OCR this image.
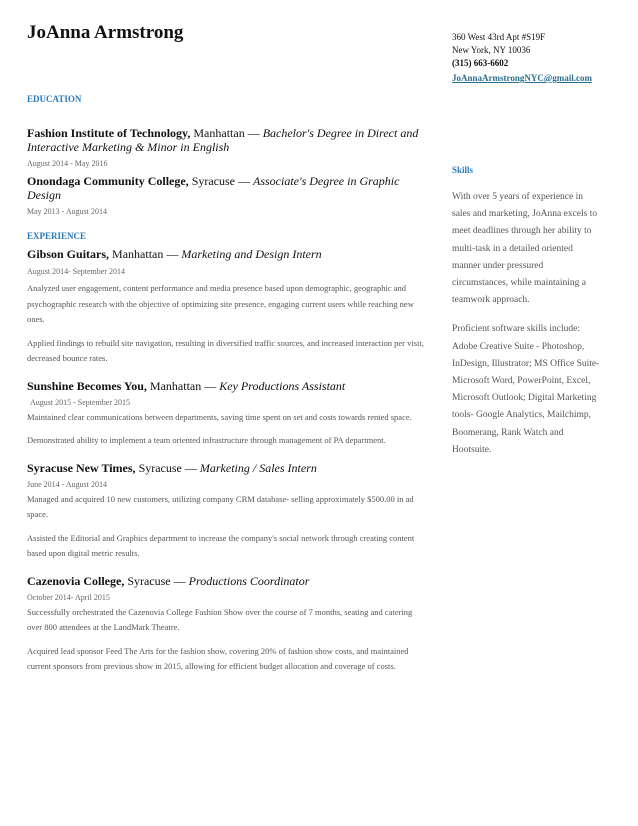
JoAnna Armstrong	360 West 43rd Apt #S19F
New York, NY 10036
(315) 663-6602
JoAnnaArmstrongNYC@gmail.com
EDUCATION
Fashion Institute of Technology, Manhattan — Bachelor's Degree in Direct and Interactive Marketing & Minor in English
August 2014 - May 2016
Onondaga Community College, Syracuse — Associate's Degree in Graphic Design
May 2013 - August 2014
EXPERIENCE
Gibson Guitars, Manhattan — Marketing and Design Intern
August 2014- September 2014
Analyzed user engagement, content performance and media presence based upon demographic, geographic and psychographic research with the objective of optimizing site presence, engaging current users while reaching new ones.
Applied findings to rebuild site navigation, resulting in diversified traffic sources, and increased interaction per visit, decreased bounce rates.
Sunshine Becomes You, Manhattan — Key Productions Assistant
August 2015 - September 2015
Maintained clear communications between departments, saving time spent on set and costs towards rented space.
Demonstrated ability to implement a team oriented infrastructure through management of PA department.
Syracuse New Times, Syracuse — Marketing / Sales Intern
June 2014 - August 2014
Managed and acquired 10 new customers, utilizing company CRM database- selling approximately $500.00 in ad space.
Assisted the Editorial and Graphics department to increase the company's social network through creating content based upon digital metric results.
Cazenovia College, Syracuse — Productions Coordinator
October 2014- April 2015
Successfully orchestrated the Cazenovia College Fashion Show over the course of 7 months, seating and catering over 800 attendees at the LandMark Theatre.
Acquired lead sponsor Feed The Arts for the fashion show, covering 20% of fashion show costs, and maintained current sponsors from previous show in 2015, allowing for efficient budget allocation and coverage of costs.
Skills
With over 5 years of experience in sales and marketing, JoAnna excels to meet deadlines through her ability to multi-task in a detailed oriented manner under pressured circumstances, while maintaining a teamwork approach.
Proficient software skills include: Adobe Creative Suite - Photoshop, InDesign, Illustrator; MS Office Suite- Microsoft Word, PowerPoint, Excel, Microsoft Outlook; Digital Marketing tools- Google Analytics, Mailchimp, Boomerang, Rank Watch and Hootsuite.
